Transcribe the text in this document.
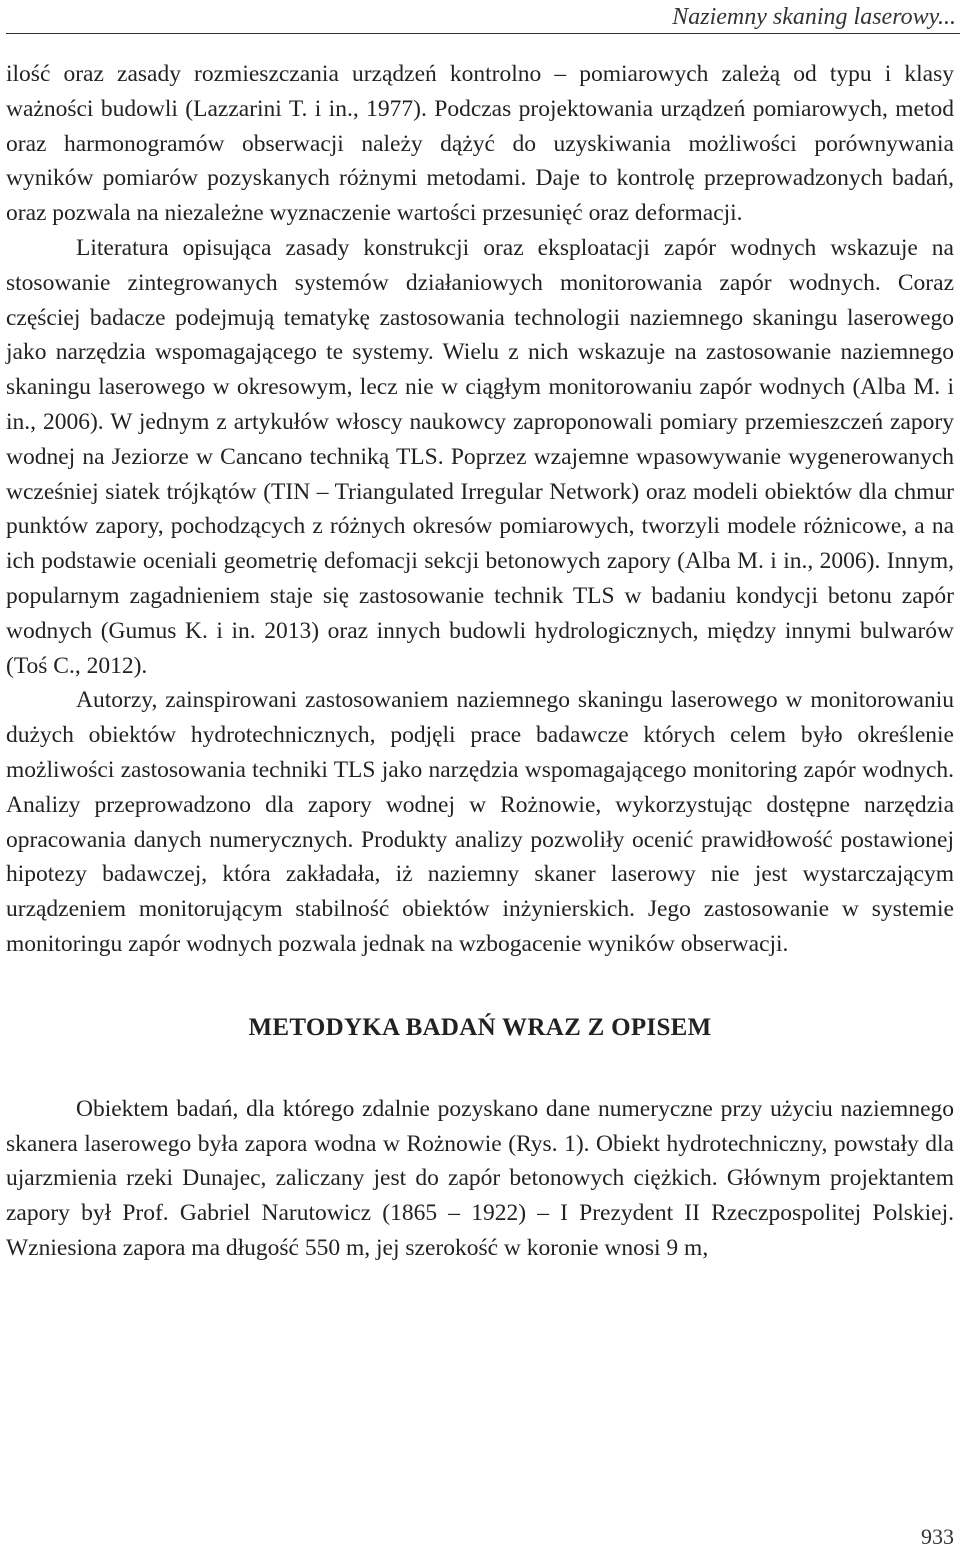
Naziemny skaning laserowy...

ilość oraz zasady rozmieszczania urządzeń kontrolno – pomiarowych zależą od typu i klasy ważności budowli (Lazzarini T. i in., 1977). Podczas projektowania urządzeń pomiarowych, metod oraz harmonogramów obserwacji należy dążyć do uzyskiwania możliwości porównywania wyników pomiarów pozyskanych różnymi metodami. Daje to kontrolę przeprowadzonych badań, oraz pozwala na niezależne wyznaczenie wartości przesunięć oraz deformacji.

Literatura opisująca zasady konstrukcji oraz eksploatacji zapór wodnych wskazuje na stosowanie zintegrowanych systemów działaniowych monitorowania zapór wodnych. Coraz częściej badacze podejmują tematykę zastosowania technologii naziemnego skaningu laserowego jako narzędzia wspomagającego te systemy. Wielu z nich wskazuje na zastosowanie naziemnego skaningu laserowego w okresowym, lecz nie w ciągłym monitorowaniu zapór wodnych (Alba M. i in., 2006). W jednym z artykułów włoscy naukowcy zaproponowali pomiary przemieszczeń zapory wodnej na Jeziorze w Cancano techniką TLS. Poprzez wzajemne wpasowywanie wygenerowanych wcześniej siatek trójkątów (TIN – Triangulated Irregular Network) oraz modeli obiektów dla chmur punktów zapory, pochodzących z różnych okresów pomiarowych, tworzyli modele różnicowe, a na ich podstawie oceniali geometrię defomacji sekcji betonowych zapory (Alba M. i in., 2006). Innym, popularnym zagadnieniem staje się zastosowanie technik TLS w badaniu kondycji betonu zapór wodnych (Gumus K. i in. 2013) oraz innych budowli hydrologicznych, między innymi bulwarów (Toś C., 2012).

Autorzy, zainspirowani zastosowaniem naziemnego skaningu laserowego w monitorowaniu dużych obiektów hydrotechnicznych, podjęli prace badawcze których celem było określenie możliwości zastosowania techniki TLS jako narzędzia wspomagającego monitoring zapór wodnych. Analizy przeprowadzono dla zapory wodnej w Rożnowie, wykorzystując dostępne narzędzia opracowania danych numerycznych. Produkty analizy pozwoliły ocenić prawidłowość postawionej hipotezy badawczej, która zakładała, iż naziemny skaner laserowy nie jest wystarczającym urządzeniem monitorującym stabilność obiektów inżynierskich. Jego zastosowanie w systemie monitoringu zapór wodnych pozwala jednak na wzbogacenie wyników obserwacji.

METODYKA BADAŃ WRAZ Z OPISEM

Obiektem badań, dla którego zdalnie pozyskano dane numeryczne przy użyciu naziemnego skanera laserowego była zapora wodna w Rożnowie (Rys. 1). Obiekt hydrotechniczny, powstały dla ujarzmienia rzeki Dunajec, zaliczany jest do zapór betonowych ciężkich. Głównym projektantem zapory był Prof. Gabriel Narutowicz (1865 – 1922) – I Prezydent II Rzeczpospolitej Polskiej. Wzniesiona zapora ma długość 550 m, jej szerokość w koronie wnosi 9 m,

933
